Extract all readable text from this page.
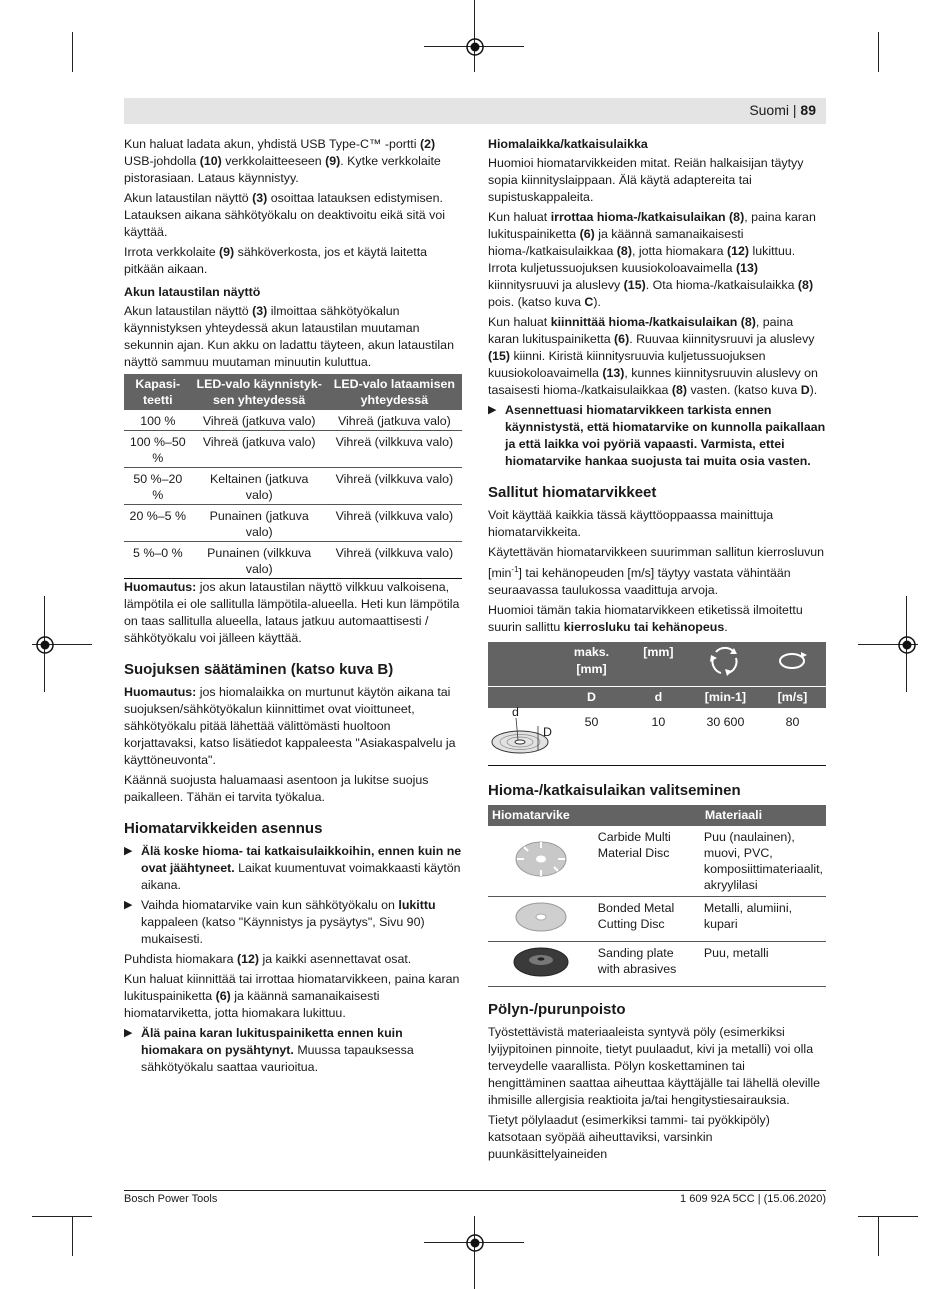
Suomi | 89

Kun haluat ladata akun, yhdistä USB Type-C™ -portti (2) USB-johdolla (10) verkkolaitteeseen (9). Kytke verkkolaite pistorasiaan. Lataus käynnistyy.

Akun lataustilan näyttö (3) osoittaa latauksen edistymisen. Latauksen aikana sähkötyökalu on deaktivoitu eikä sitä voi käyttää.

Irrota verkkolaite (9) sähköverkosta, jos et käytä laitetta pitkään aikaan.

Akun lataustilan näyttö

Akun lataustilan näyttö (3) ilmoittaa sähkötyökalun käynnistyksen yhteydessä akun lataustilan muutaman sekunnin ajan. Kun akku on ladattu täyteen, akun lataustilan näyttö sammuu muutaman minuutin kuluttua.

Kapasi-teetti	LED-valo käynnistyk-sen yhteydessä	LED-valo lataamisen yhteydessä
100 %	Vihreä (jatkuva valo)	Vihreä (jatkuva valo)
100 %–50 %	Vihreä (jatkuva valo)	Vihreä (vilkkuva valo)
50 %–20 %	Keltainen (jatkuva valo)	Vihreä (vilkkuva valo)
20 %–5 %	Punainen (jatkuva valo)	Vihreä (vilkkuva valo)
5 %–0 %	Punainen (vilkkuva valo)	Vihreä (vilkkuva valo)

Huomautus: jos akun lataustilan näyttö vilkkuu valkoisena, lämpötila ei ole sallitulla lämpötila-alueella. Heti kun lämpötila on taas sallitulla alueella, lataus jatkuu automaattisesti / sähkötyökalu voi jälleen käyttää.

Suojuksen säätäminen (katso kuva B)

Huomautus: jos hiomalaikka on murtunut käytön aikana tai suojuksen/sähkötyökalun kiinnittimet ovat vioittuneet, sähkötyökalu pitää lähettää välittömästi huoltoon korjattavaksi, katso lisätiedot kappaleesta "Asiakaspalvelu ja käyttöneuvonta".

Käännä suojusta haluamaasi asentoon ja lukitse suojus paikalleen. Tähän ei tarvita työkalua.

Hiomatarvikkeiden asennus
▶ Älä koske hioma- tai katkaisulaikkoihin, ennen kuin ne ovat jäähtyneet. Laikat kuumentuvat voimakkaasti käytön aikana.
▶ Vaihda hiomatarvike vain kun sähkötyökalu on lukittu kappaleen (katso "Käynnistys ja pysäytys", Sivu 90) mukaisesti.

Puhdista hiomakara (12) ja kaikki asennettavat osat.

Kun haluat kiinnittää tai irrottaa hiomatarvikkeen, paina karan lukituspainiketta (6) ja käännä samanaikaisesti hiomatarviketta, jotta hiomakara lukittuu.

▶ Älä paina karan lukituspainiketta ennen kuin hiomakara on pysähtynyt. Muussa tapauksessa sähkötyökalu saattaa vaurioitua.
Hiomalaikka/katkaisulaikka

Huomioi hiomatarvikkeiden mitat. Reiän halkaisijan täytyy sopia kiinnityslaippaan. Älä käytä adaptereita tai supistuskappaleita.

Kun haluat irrottaa hioma-/katkaisulaikan (8), paina karan lukituspainiketta (6) ja käännä samanaikaisesti hioma-/katkaisulaikkaa (8), jotta hiomakara (12) lukittuu. Irrota kuljetussuojuksen kuusiokoloavaimella (13) kiinnitysruuvi ja aluslevy (15). Ota hioma-/katkaisulaikka (8) pois. (katso kuva C).

Kun haluat kiinnittää hioma-/katkaisulaikan (8), paina karan lukituspainiketta (6). Ruuvaa kiinnitysruuvi ja aluslevy (15) kiinni. Kiristä kiinnitysruuvia kuljetussuojuksen kuusiokoloavaimella (13), kunnes kiinnitysruuvin aluslevy on tasaisesti hioma-/katkaisulaikkaa (8) vasten. (katso kuva D).

▶ Asennettuasi hiomatarvikkeen tarkista ennen käynnistystä, että hiomatarvike on kunnolla paikallaan ja että laikka voi pyöriä vapaasti. Varmista, ettei hiomatarvike hankaa suojusta tai muita osia vasten.
Sallitut hiomatarvikkeet

Voit käyttää kaikkia tässä käyttöoppaassa mainittuja hiomatarvikkeita.

Käytettävän hiomatarvikkeen suurimman sallitun kierrosluvun $[\min^{-1}]$ tai kehänopeuden [m/s] täytyy vastata vähintään seuraavassa taulukossa vaadittuja arvoja.

Huomioi tämän takia hiomatarvikkeen etiketissä ilmoitettu suurin sallittu kierrosluku tai kehänopeus.

	maks. [mm]	[mm]		
	D	d	[min-1]	[m/s]

d
D	50	10	30 600	80
Hioma-/katkaisulaikan valitseminen
Hiomatarvike		Materiaali
	Carbide Multi Material Disc	Puu (naulainen), muovi, PVC, komposiittimateriaalit, akryylilasi
	Bonded Metal Cutting Disc	Metalli, alumiini, kupari
	Sanding plate with abrasives	Puu, metalli
Pölyn-/purunpoisto

Työstettävistä materiaaleista syntyvä pöly (esimerkiksi lyijypitoinen pinnoite, tietyt puulaadut, kivi ja metalli) voi olla terveydelle vaarallista. Pölyn koskettaminen tai hengittäminen saattaa aiheuttaa käyttäjälle tai lähellä oleville ihmisille allergisia reaktioita ja/tai hengitystiesairauksia.

Tietyt pölylaadut (esimerkiksi tammi- tai pyökkipöly) katsotaan syöpää aiheuttaviksi, varsinkin puunkäsittelyaineiden

Bosch Power Tools	1 609 92A 5CC | (15.06.2020)
